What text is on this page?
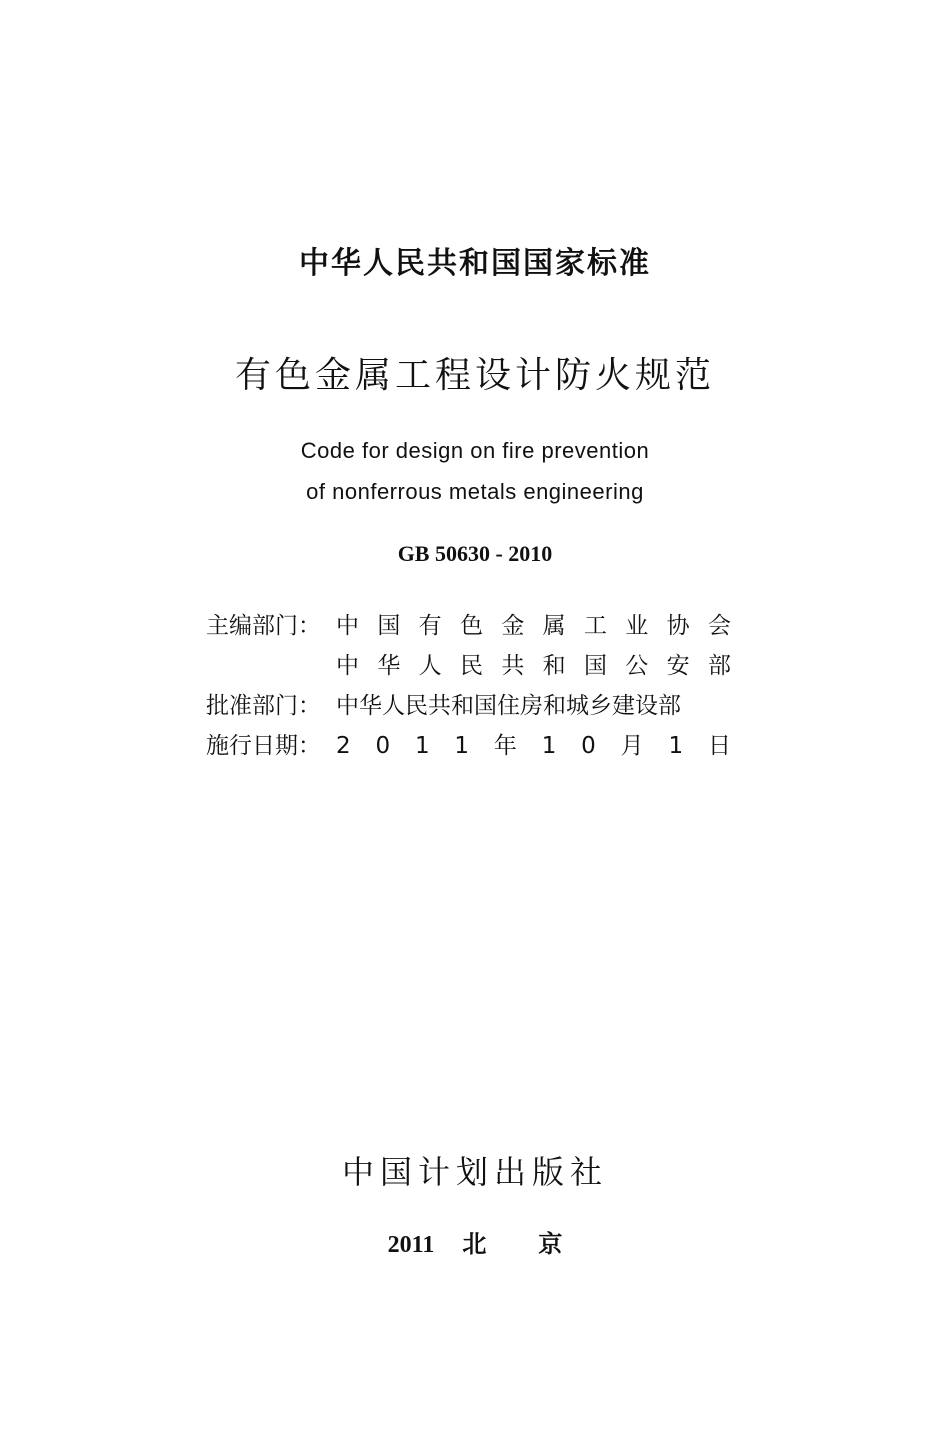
中华人民共和国国家标准
有色金属工程设计防火规范
Code for design on fire prevention
of nonferrous metals engineering
GB 50630 - 2010
主编部门： 中 国 有 色 金 属 工 业 协 会
中 华 人 民 共 和 国 公 安 部
批准部门： 中华人民共和国住房和城乡建设部
施行日期： 2 0 1 1 年 1 0 月 1 日
中国计划出版社
2011 北京
